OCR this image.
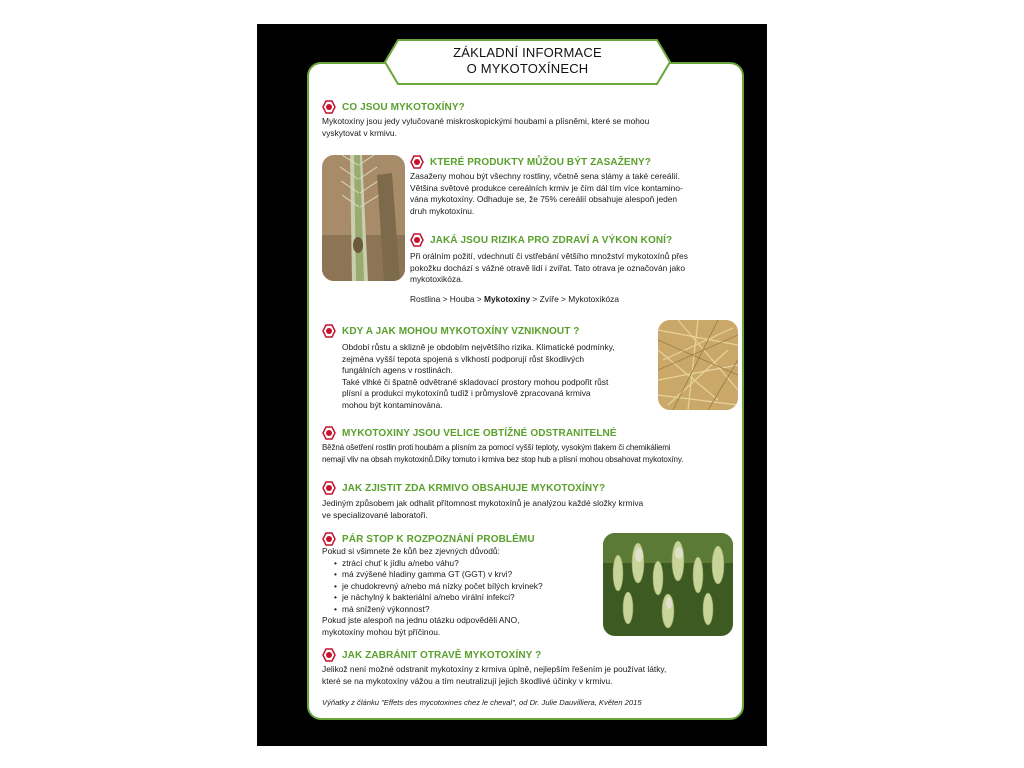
ZÁKLADNÍ INFORMACE
O MYKOTOXÍNECH
CO JSOU MYKOTOXÍNY?
Mykotoxíny jsou jedy vylučované miskroskopickými houbami a plísněmi, které se mohou
vyskytovat v krmivu.
KTERÉ PRODUKTY MŮŽOU BÝT ZASAŽENY?
Zasaženy mohou být všechny rostliny, včetně sena slámy a také cereálií.
Většina světové produkce cereálních krmiv je čím dál tím více kontamino-
vána mykotoxíny. Odhaduje se, že 75% cereálií obsahuje alespoň jeden
druh mykotoxínu.
JAKÁ JSOU RIZIKA PRO ZDRAVÍ A VÝKON KONÍ?
Při orálním požití, vdechnutí či vstřebání většího množství mykotoxínů přes
pokožku dochází s vážné otravě lidí i zvířat. Tato otrava je označován jako
mykotoxikóza.
Rostlina > Houba > Mykotoxiny > Zvíře > Mykotoxikóza
KDY A JAK MOHOU MYKOTOXÍNY VZNIKNOUT ?
Období růstu a sklizně je obdobím největšího rizika. Klimatické podmínky,
zejména vyšší tepota spojená s vlkhostí podporují růst škodlivých
fungálních agens v rostlinách.
Také vlhké či špatně odvětrané skladovací prostory mohou podpořit růst
plísní a produkci mykotoxínů tudíž i průmyslově zpracovaná krmiva
mohou být kontaminována.
MYKOTOXINY JSOU VELICE OBTÍŽNÉ ODSTRANITELNÉ
Běžná ošetření rostlin proti houbám a plísním za pomocí vyšší teploty, vysokým tlakem či chemikáliemi
nemají vliv na obsah mykotoxinů.Díky tomuto i krmiva bez stop hub a plísní mohou obsahovat mykotoxíny.
JAK ZJISTIT ZDA KRMIVO OBSAHUJE MYKOTOXÍNY?
Jediným způsobem jak odhalit přítomnost mykotoxínů je analýzou každé složky krmiva
ve specializované laboratoři.
PÁR STOP K ROZPOZNÁNÍ PROBLÉMU
Pokud si všimnete že kůň bez zjevných důvodů:
• ztrácí chuť k jídlu a/nebo váhu?
• má zvýšené hladiny gamma GT (GGT) v krvi?
• je chudokrevný a/nebo má nízky počet bílých krvinek?
• je náchylný k bakteriální a/nebo virální infekci?
• má snížený výkonnost?
Pokud jste alespoň na jednu otázku odpověděli ANO,
mykotoxíny mohou být příčinou.
JAK ZABRÁNIT OTRAVĚ MYKOTOXÍNY ?
Jelikož není možné odstranit mykotoxíny z krmiva úplně, nejlepším řešením je používat látky,
které se na mykotoxíny vážou a tím neutralizují jejich škodlivé účinky v krmivu.
Výňatky z článku "Effets des mycotoxines chez le cheval", od Dr. Julie Dauvilliera, Květen 2015
